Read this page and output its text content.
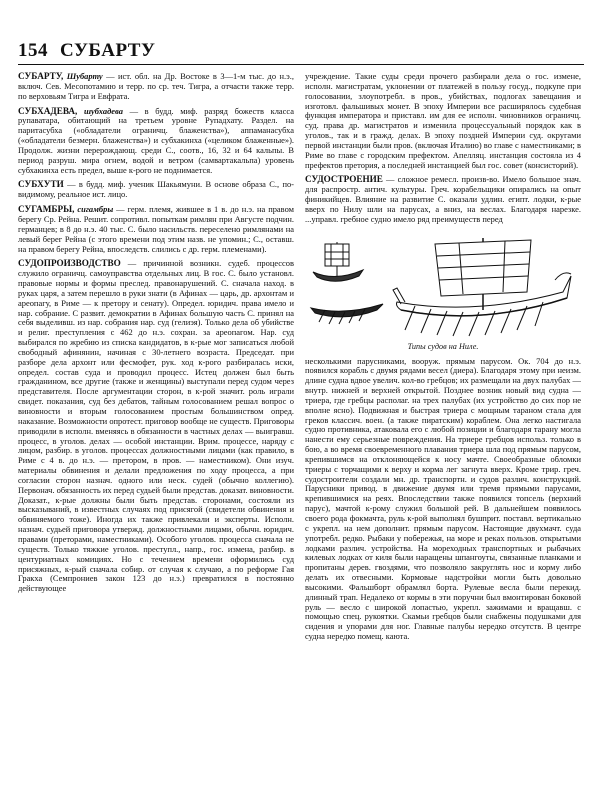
154 СУБАРТУ

СУБАРТУ, Шубарту — ист. обл. на Др. Востоке в 3—1-м тыс. до н.э., включ. Сев. Месопотамию и терр. по ср. теч. Тигра, а отчасти также терр. по верховьям Тигра и Евфрата.

СУБХАДЕВА, шубхадева — в будд. миф. разряд божеств класса рупаватара, обитающий на третьем уровне Рупадхату. Раздел. на паритасубха («обладатели ограничц. блаженства»), аппаманасубха («обладатели безмерн. блаженства») и субхакинха («целиком блаженные»). Продолж. жизни перерождающ. среди С., соотв., 16, 32 и 64 кальпы. В период разруш. мира огнем, водой и ветром (самвартакальпа) уровень субхакинха есть предел, выше к-рого не поднимается.

СУБХУТИ — в будд. миф. ученик Шакьямуни. В основе образа С., по-видимому, реальное ист. лицо.

СУГАМБРЫ, сигамбры — герм. племя, жившее в 1 в. до н.э. на правом берегу Ср. Рейна. Решит. сопротивл. попыткам римлян при Августе подчин. германцев; в 8 до н.э. 40 тыс. С. было насильств. переселено римлянами на левый берег Рейна (с этого времени под этим назв. не упомин.; С., оставш. на правом берегу Рейна, впоследств. слились с др. герм. племенами).

СУДОПРОИЗВОДСТВО — причинной возникн. судеб. процессов служило ограничц. самоуправства отдельных лиц. В гос. С. было установл. правовые нормы и формы преслед. правонарушений. С. сначала наход. в руках царя, а затем перешло в руки знати (в Афинах — царь, др. архонтам и ареопагу, в Риме — к претору и сенату). Определ. юридич. права имело и нар. собрание. С развит. демократии в Афинах большую часть С. принял на себя выделивш. из нар. собрания нар. суд (гелиэя). Только дела об убийстве и религ. преступления с 462 до н.э. сохран. за ареопагом. Нар. суд выбирался по жребию из списка кандидатов, в к-рые мог записаться любой свободный афинянин, начиная с 30-летнего возраста. Председат. при разборе дела архонт или фесмофет, рук. ход к-рого разбиралась иски, определ. состав суда и проводил процесс. Истец должен был быть гражданином, все другие (также и женщины) выступали перед судом через представителя. После аргументации сторон, в к-рой значит. роль играли свидет. показания, суд без дебатов, тайным голосованием решал вопрос о виновности и вторым голосованием простым большинством опред. наказание. Возможности опротест. приговор вообще не существ. Приговоры приводили в исполн. вменяясь в обязанности в частных делах — выигравш. процесс, в уголов. делах — особой инстанции. Врим. процессе, наряду с лицом, разбир. в уголов. процессах должностными лицами (как правило, в Риме с 4 в. до н.э. — претором, в пров. — наместником). Они изуч. материалы обвинения и делали предложения по ходу процесса, а при согласии сторон назнач. одного или неск. судей (обычно коллегию). Первонач. обязанность их перед судьей были представ. доказат. виновности. Доказат., к-рые должны были быть представ. сторонами, состояли из высказываний, в известных случаях под присягой (свидетели обвинения и обвиняемого тоже). Иногда их также привлекали и эксперты. Исполн. назнач. судьей приговора утвержд. должностными лицами, обычн. юридич. правами (преторами, наместниками). Особого уголов. процесса сначала не существ. Только тяжкие уголов. преступл., напр., гос. измена, разбир. в центуриатных комициях. Но с течением времени оформились суд присяжных, к-рый сначала собир. от случая к случаю, а по реформе Гая Гракха (Семпрониев закон 123 до н.э.) превратился в постоянно действующее

учреждение. Такие суды среди прочего разбирали дела о гос. измене, исполн. магистратам, уклонении от платежей в пользу госуд., подкупе при голосовании, злоупотребл. в пров., убийствах, подлогах завещания и изготовл. фальшивых монет. В эпоху Империи все расширялось судебная функция императора и приставл. им для ее исполн. чиновников ограничц. суд. права др. магистратов и изменила процессуальный порядок как в уголов., так и в гражд. делах. В эпоху поздней Империи суд. округами первой инстанции были пров. (включая Италию) во главе с наместниками; в Риме во главе с городским префектом. Апелляц. инстанция состояла из 4 префектов претория, а последней инстанцией был гос. совет (консисторий).

СУДОСТРОЕНИЕ — сложное ремесл. произв-во. Имело большое знач. для распростр. антич. культуры. Греч. корабельщики опирались на опыт финикийцев. Влияние на развитие С. оказали удлин. египт. лодки, к-рые вверх по Нилу шли на парусах, а вниз, на веслах. Благодаря нарезке. ...управл. гребное судно имело ряд преимуществ перед

Типы судов на Ниле.

несколькими парусниками, вооруж. прямым парусом. Ок. 704 до н.э. появился корабль с двумя рядами весел (диера). Благодаря этому при неизм. длине судна вдвое увелич. кол-во гребцов; их размещали на двух палубах — внутр. нижней и верхней открытой. Позднее возник новый вид судна — триера, где гребцы располаг. на трех палубах (их устройство до сих пор не вполне ясно). Подвижная и быстрая триера с мощным тараном стала для греков классич. воен. (а также пиратским) кораблем. Она легко настигала судно противника, атаковала его с любой позиции и благодаря тарану могла нанести ему серьезные повреждения. На триере гребцов использ. только в бою, а во время своевременного плавания триера шла под прямым парусом, крепившимся на отклоняющейся к носу мачте. Своеобразные обломки триеры с торчащими к верху и корма лег загнута вверх. Кроме трир. греч. судостроители создали мн. др. транспортн. и судов различ. конструкций. Парусники привод. в движение двумя или тремя прямыми парусами, крепившимися на реях. Впоследствии также появился топсель (верхний парус), мачтой к-рому служил большой рей. В дальнейшем появилось своего рода фокмачта, руль к-рой выполнял бушприт. поставл. вертикально с укрепл. на нем дополнит. прямым парусом. Настоящие двухмачт. суда употребл. редко. Рыбаки у побережья, на море и реках пользов. открытыми лодками различ. устройства. На мореходных транспортных и рыбачьих килевых лодках от киля были наращены шпангоуты, связанные планками и пропитаны дерев. гвоздями, что позволяло закруглять нос и корму либо делать их отвесными. Кормовые надстройки могли быть довольно высокими. Фальшборт обрамлял борта. Рулевые весла были перекид. длинный трап. Недалеко от кормы в эти поручни был вмонтирован боковой руль — весло с широкой лопастью, укрепл. зажимами и вращавш. с помощью спец. рукоятки. Скамьи гребцов были снабжены подушками для сидения и упорами для ног. Главные палубы нередко отсутств. В центре судна нередко помещ. каюта.
